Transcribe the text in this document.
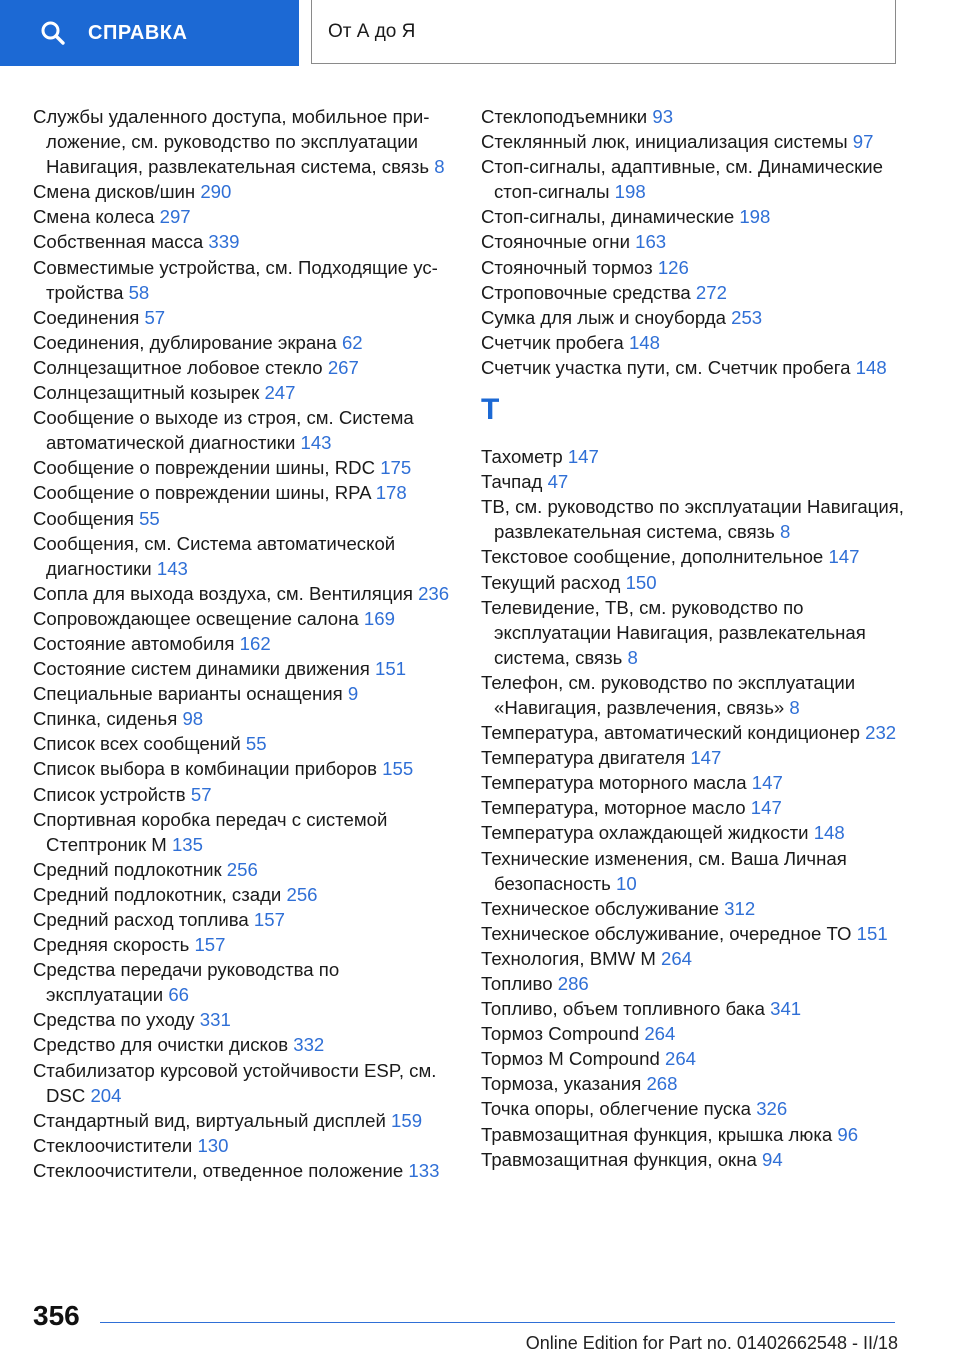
СПРАВКА	От А до Я
Службы удаленного доступа, мобильное приложение, см. руководство по эксплуатации Навигация, развлекательная система, связь 8
Смена дисков/шин 290
Смена колеса 297
Собственная масса 339
Совместимые устройства, см. Подходящие устройства 58
Соединения 57
Соединения, дублирование экрана 62
Солнцезащитное лобовое стекло 267
Солнцезащитный козырек 247
Сообщение о выходе из строя, см. Система автоматической диагностики 143
Сообщение о повреждении шины, RDC 175
Сообщение о повреждении шины, RPA 178
Сообщения 55
Сообщения, см. Система автоматической диагностики 143
Сопла для выхода воздуха, см. Вентиляция 236
Сопровождающее освещение салона 169
Состояние автомобиля 162
Состояние систем динамики движения 151
Специальные варианты оснащения 9
Спинка, сиденья 98
Список всех сообщений 55
Список выбора в комбинации приборов 155
Список устройств 57
Спортивная коробка передач с системой Стептроник M 135
Средний подлокотник 256
Средний подлокотник, сзади 256
Средний расход топлива 157
Средняя скорость 157
Средства передачи руководства по эксплуатации 66
Средства по уходу 331
Средство для очистки дисков 332
Стабилизатор курсовой устойчивости ESP, см. DSC 204
Стандартный вид, виртуальный дисплей 159
Стеклоочистители 130
Стеклоочистители, отведенное положение 133
Стеклоподъемники 93
Стеклянный люк, инициализация системы 97
Стоп-сигналы, адаптивные, см. Динамические стоп-сигналы 198
Стоп-сигналы, динамические 198
Стояночные огни 163
Стояночный тормоз 126
Строповочные средства 272
Сумка для лыж и сноуборда 253
Счетчик пробега 148
Счетчик участка пути, см. Счетчик пробега 148
Т
Тахометр 147
Тачпад 47
ТВ, см. руководство по эксплуатации Навигация, развлекательная система, связь 8
Текстовое сообщение, дополнительное 147
Текущий расход 150
Телевидение, ТВ, см. руководство по эксплуатации Навигация, развлекательная система, связь 8
Телефон, см. руководство по эксплуатации «Навигация, развлечения, связь» 8
Температура, автоматический кондиционер 232
Температура двигателя 147
Температура моторного масла 147
Температура, моторное масло 147
Температура охлаждающей жидкости 148
Технические изменения, см. Ваша Личная безопасность 10
Техническое обслуживание 312
Техническое обслуживание, очередное ТО 151
Технология, BMW M 264
Топливо 286
Топливо, объем топливного бака 341
Тормоз Compound 264
Тормоз M Compound 264
Тормоза, указания 268
Точка опоры, облегчение пуска 326
Травмозащитная функция, крышка люка 96
Травмозащитная функция, окна 94
356
Online Edition for Part no. 01402662548 - II/18
